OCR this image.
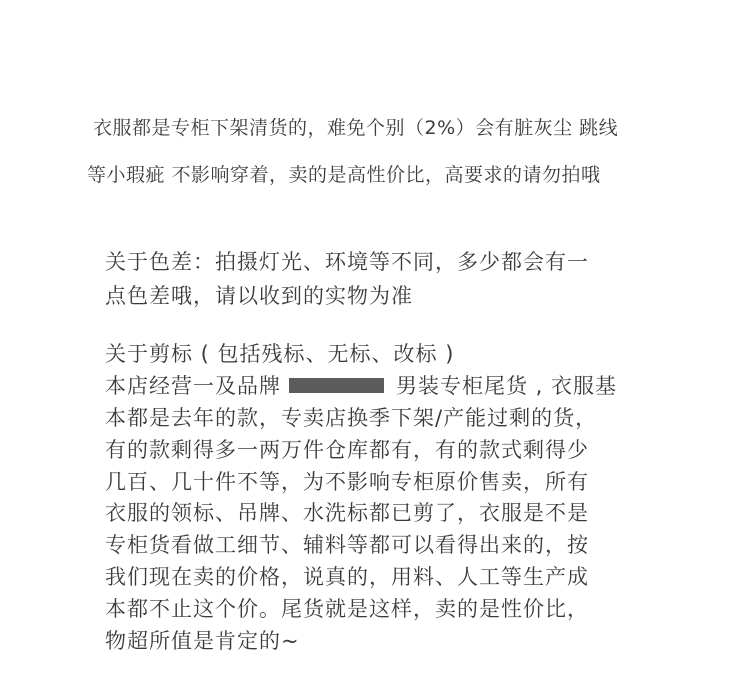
衣服都是专柜下架清货的，难免个别（2%）会有脏灰尘 跳线

等小瑕疵 不影响穿着，卖的是高性价比，高要求的请勿拍哦

关于色差：拍摄灯光、环境等不同，多少都会有一

点色差哦，请以收到的实物为准

关于剪标 ( 包括残标、无标、改标 )

本店经营一及品牌	男装专柜尾货 , 衣服基

本都是去年的款，专卖店换季下架/产能过剩的货，

有的款剩得多一两万件仓库都有，有的款式剩得少

几百、几十件不等，为不影响专柜原价售卖，所有

衣服的领标、吊牌、水洗标都已剪了，衣服是不是

专柜货看做工细节、辅料等都可以看得出来的，按

我们现在卖的价格，说真的，用料、人工等生产成

本都不止这个价。尾货就是这样，卖的是性价比，

物超所值是肯定的~
